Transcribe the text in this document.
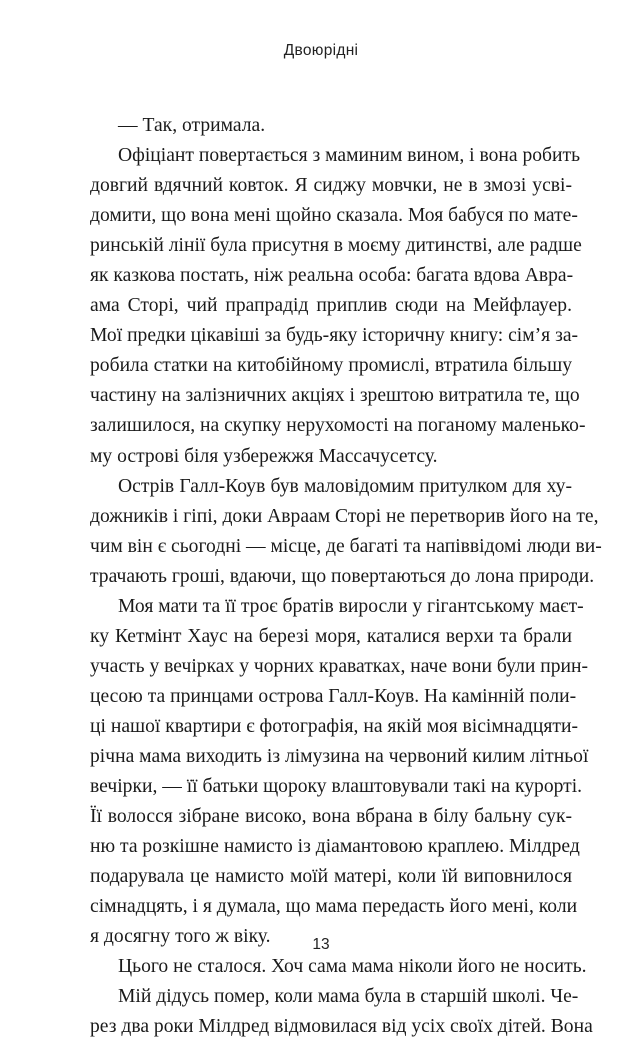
Двоюрідні
— Так, отримала.
Офіціант повертається з маминим вином, і вона робить
довгий вдячний ковток. Я сиджу мовчки, не в змозі усві-
домити, що вона мені щойно сказала. Моя бабуся по мате-
ринській лінії була присутня в моєму дитинстві, але радше
як казкова постать, ніж реальна особа: багата вдова Авра-
ама Сторі, чий прапрадід приплив сюди на Мейфлауер.
Мої предки цікавіші за будь-яку історичну книгу: сім’я за-
робила статки на китобійному промислі, втратила більшу
частину на залізничних акціях і зрештою витратила те, що
залишилося, на скупку нерухомості на поганому маленько-
му острові біля узбережжя Массачусетсу.
Острів Галл-Коув був маловідомим притулком для ху-
дожників і гіпі, доки Авраам Сторі не перетворив його на те,
чим він є сьогодні — місце, де багаті та напіввідомі люди ви-
трачають гроші, вдаючи, що повертаються до лона природи.
Моя мати та її троє братів виросли у гігантському маєт-
ку Кетмінт Хаус на березі моря, каталися верхи та брали
участь у вечірках у чорних краватках, наче вони були прин-
цесою та принцами острова Галл-Коув. На камінній поли-
ці нашої квартири є фотографія, на якій моя вісімнадцяти-
річна мама виходить із лімузина на червоний килим літньої
вечірки, — її батьки щороку влаштовували такі на курорті.
Її волосся зібране високо, вона вбрана в білу бальну сук-
ню та розкішне намисто із діамантовою краплею. Мілдред
подарувала це намисто моїй матері, коли їй виповнилося
сімнадцять, і я думала, що мама передасть його мені, коли
я досягну того ж віку.
Цього не сталося. Хоч сама мама ніколи його не носить.
Мій дідусь помер, коли мама була в старшій школі. Че-
рез два роки Мілдред відмовилася від усіх своїх дітей. Вона
13
